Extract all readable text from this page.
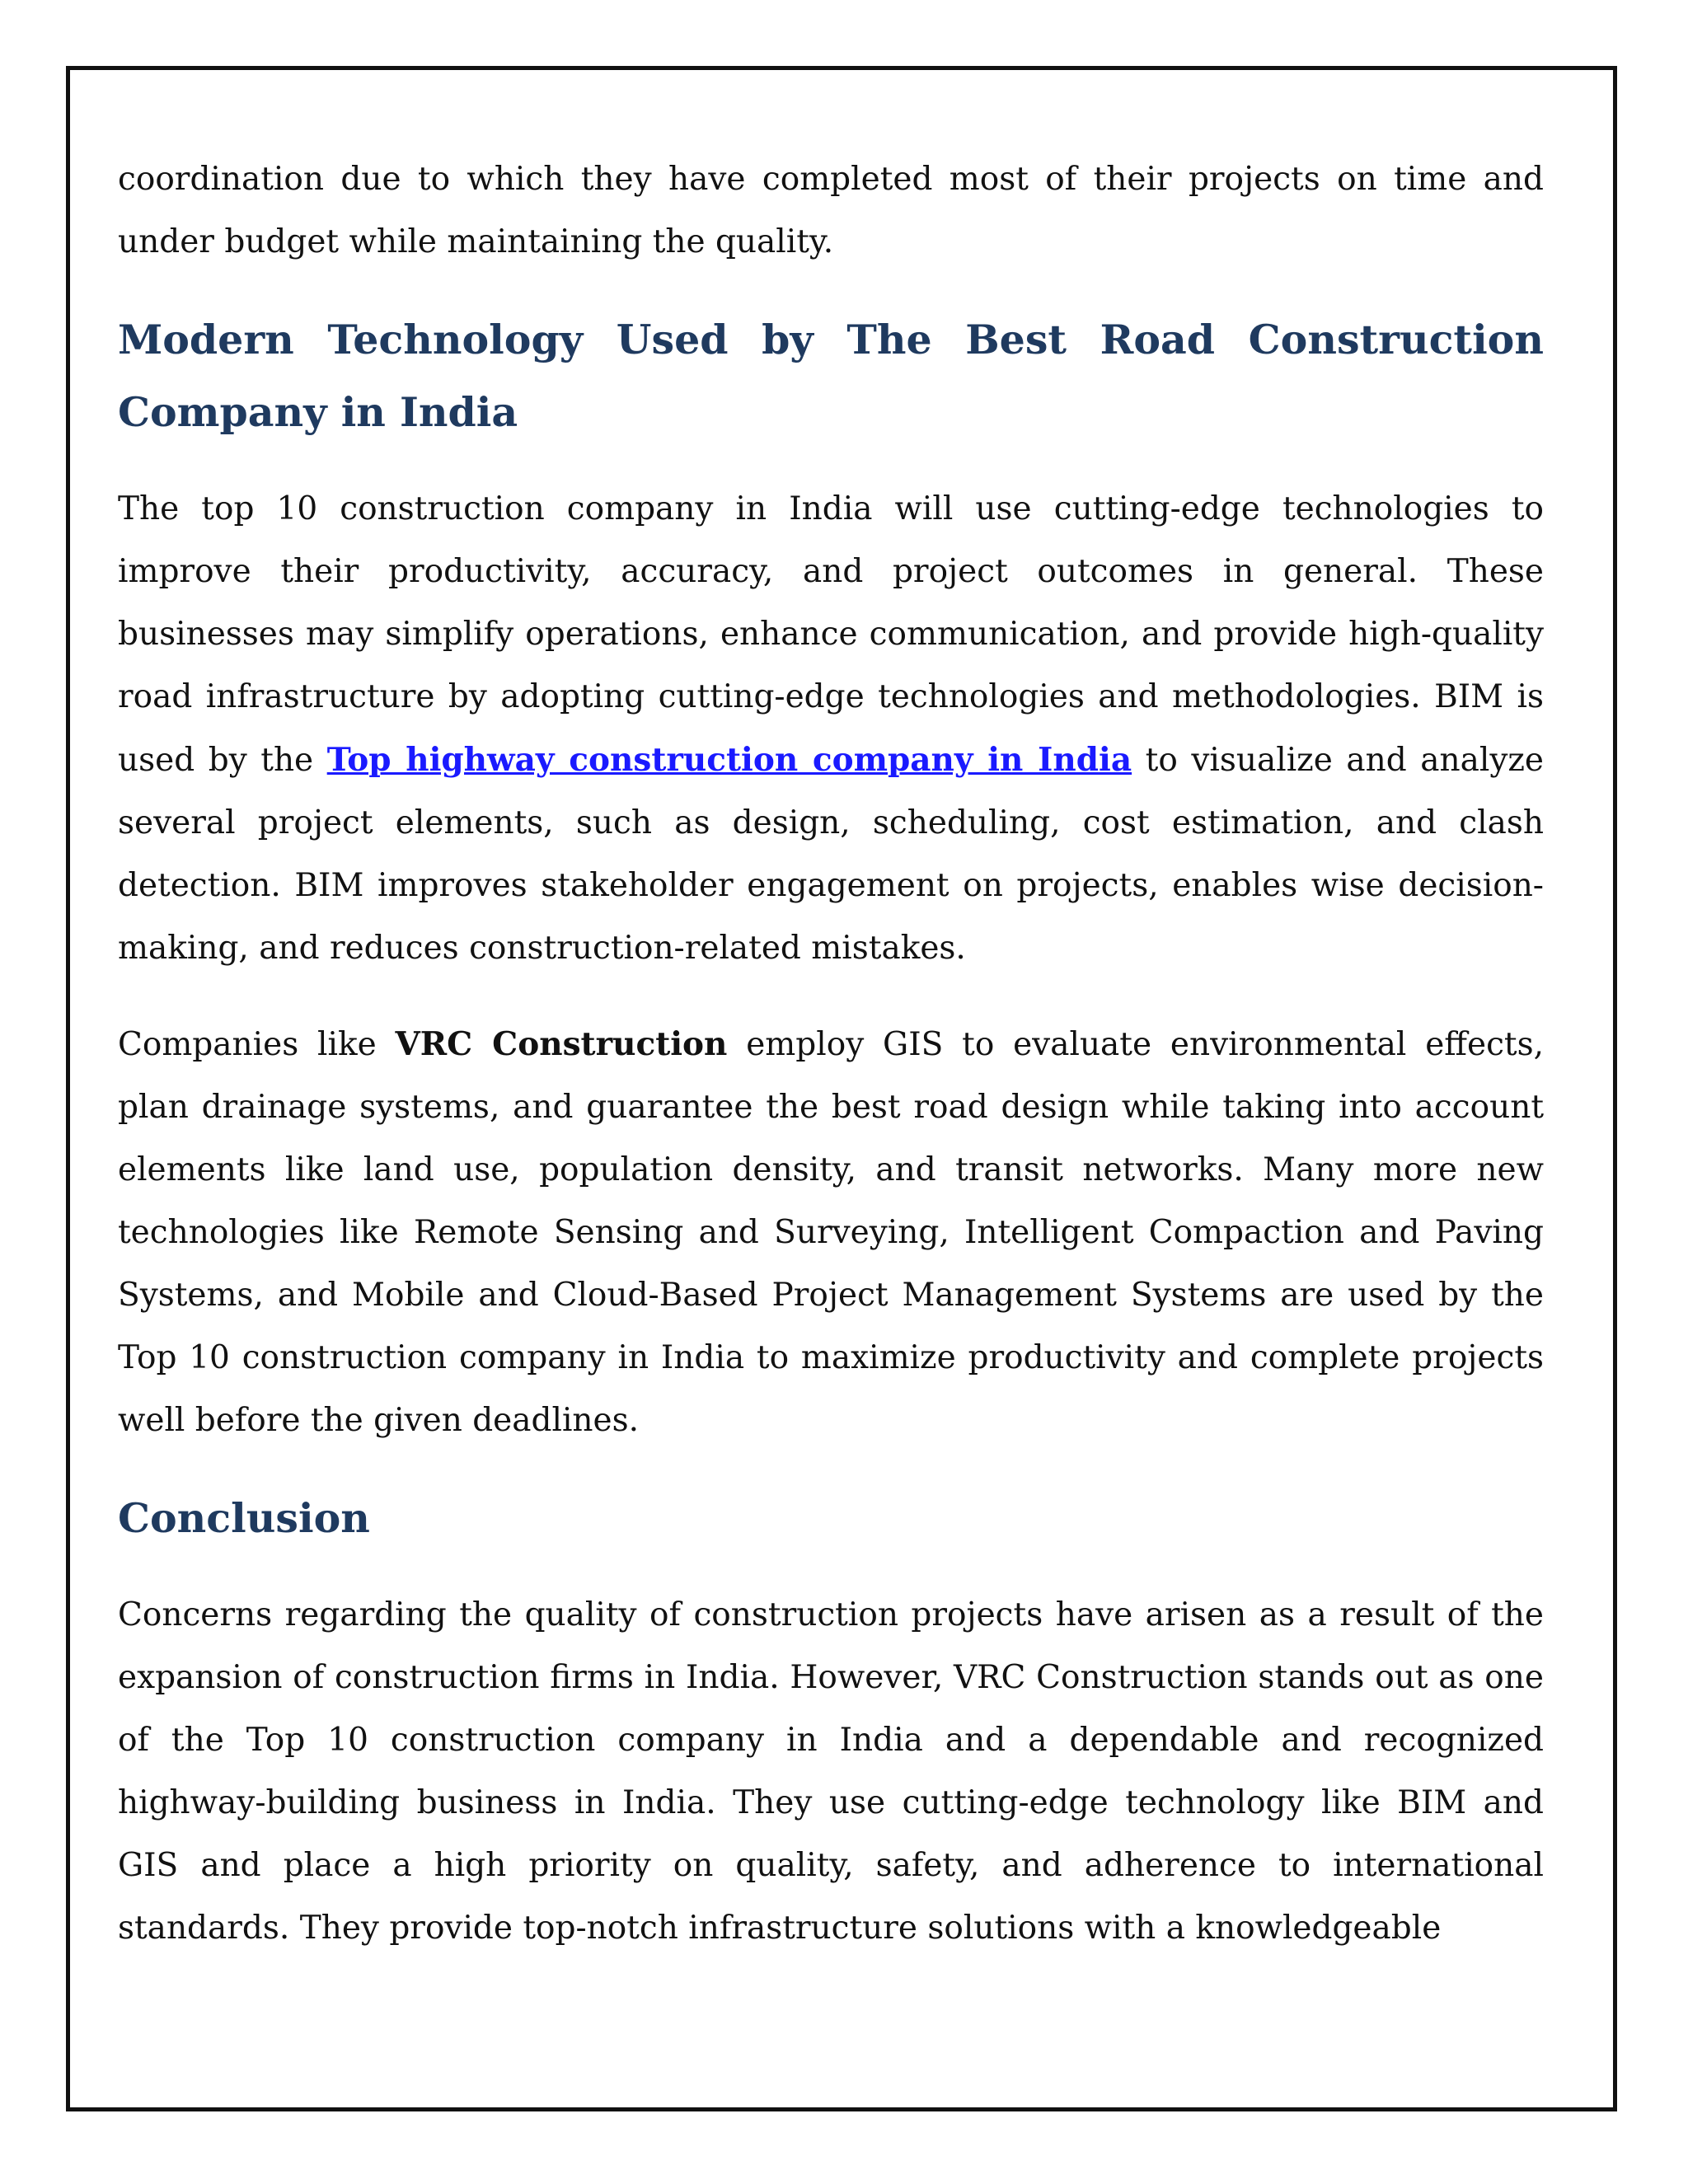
coordination due to which they have completed most of their projects on time and under budget while maintaining the quality.

Modern Technology Used by The Best Road Construction Company in India

The top 10 construction company in India will use cutting-edge technologies to improve their productivity, accuracy, and project outcomes in general. These businesses may simplify operations, enhance communication, and provide high-quality road infrastructure by adopting cutting-edge technologies and methodologies. BIM is used by the Top highway construction company in India to visualize and analyze several project elements, such as design, scheduling, cost estimation, and clash detection. BIM improves stakeholder engagement on projects, enables wise decision-making, and reduces construction-related mistakes.

Companies like VRC Construction employ GIS to evaluate environmental effects, plan drainage systems, and guarantee the best road design while taking into account elements like land use, population density, and transit networks. Many more new technologies like Remote Sensing and Surveying, Intelligent Compaction and Paving Systems, and Mobile and Cloud-Based Project Management Systems are used by the Top 10 construction company in India to maximize productivity and complete projects well before the given deadlines.

Conclusion

Concerns regarding the quality of construction projects have arisen as a result of the expansion of construction firms in India. However, VRC Construction stands out as one of the Top 10 construction company in India and a dependable and recognized highway-building business in India. They use cutting-edge technology like BIM and GIS and place a high priority on quality, safety, and adherence to international standards. They provide top-notch infrastructure solutions with a knowledgeable
